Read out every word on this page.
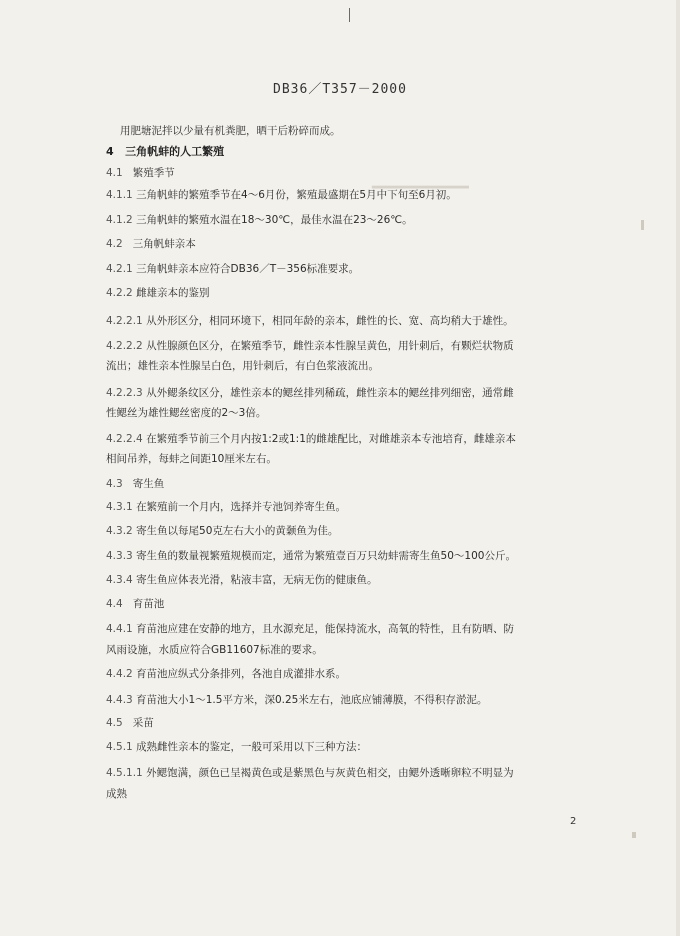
▁▁▁▁▁▁▁
DB36／T357－2000
用肥塘泥拌以少量有机粪肥，晒干后粉碎而成。
4 三角帆蚌的人工繁殖
4.1 繁殖季节
4.1.1 三角帆蚌的繁殖季节在4～6月份，繁殖最盛期在5月中下旬至6月初。
4.1.2 三角帆蚌的繁殖水温在18～30℃，最佳水温在23～26℃。
4.2 三角帆蚌亲本
4.2.1 三角帆蚌亲本应符合DB36／T－356标准要求。
4.2.2 雌雄亲本的鉴别
4.2.2.1 从外形区分，相同环境下，相同年龄的亲本，雌性的长、宽、高均稍大于雄性。
4.2.2.2 从性腺颜色区分，在繁殖季节，雌性亲本性腺呈黄色，用针刺后，有颗烂状物质
流出；雄性亲本性腺呈白色，用针刺后，有白色浆液流出。
4.2.2.3 从外鳃条纹区分，雄性亲本的鳃丝排列稀疏，雌性亲本的鳃丝排列细密，通常雌
性鳃丝为雄性鳃丝密度的2～3倍。
4.2.2.4 在繁殖季节前三个月内按1:2或1:1的雌雄配比，对雌雄亲本专池培育，雌雄亲本
相间吊养，每蚌之间距10厘米左右。
4.3 寄生鱼
4.3.1 在繁殖前一个月内，选择并专池饲养寄生鱼。
4.3.2 寄生鱼以每尾50克左右大小的黄颡鱼为佳。
4.3.3 寄生鱼的数量视繁殖规模而定，通常为繁殖壹百万只幼蚌需寄生鱼50～100公斤。
4.3.4 寄生鱼应体表光滑，粘液丰富，无病无伤的健康鱼。
4.4 育苗池
4.4.1 育苗池应建在安静的地方，且水源充足，能保持流水，高氧的特性，且有防晒、防
风雨设施，水质应符合GB11607标准的要求。
4.4.2 育苗池应纵式分条排列，各池自成灌排水系。
4.4.3 育苗池大小1～1.5平方米，深0.25米左右，池底应铺薄膜，不得积存淤泥。
4.5 采苗
4.5.1 成熟雌性亲本的鉴定，一般可采用以下三种方法：
4.5.1.1 外鳃饱满，颜色已呈褐黄色或是紫黑色与灰黄色相交，由鳃外透晰卵粒不明显为
成熟
2
